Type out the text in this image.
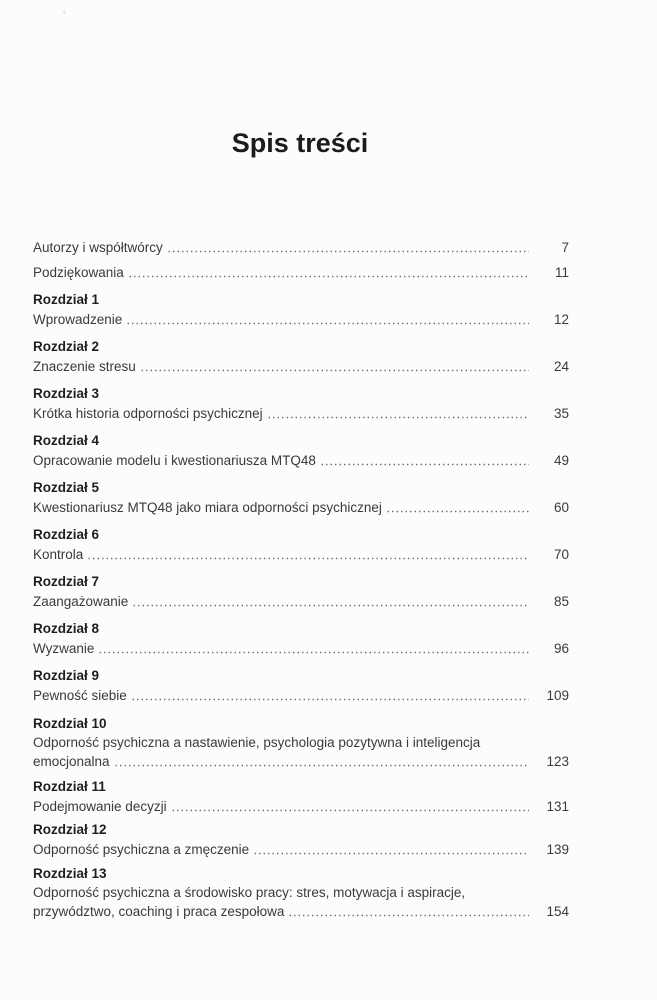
◦
Spis treści
Autorzy i współtwórcy	7
Podziękowania	11
Rozdział 1
Wprowadzenie	12
Rozdział 2
Znaczenie stresu	24
Rozdział 3
Krótka historia odporności psychicznej	35
Rozdział 4
Opracowanie modelu i kwestionariusza MTQ48	49
Rozdział 5
Kwestionariusz MTQ48 jako miara odporności psychicznej	60
Rozdział 6
Kontrola	70
Rozdział 7
Zaangażowanie	85
Rozdział 8
Wyzwanie	96
Rozdział 9
Pewność siebie	109
Rozdział 10
Odporność psychiczna a nastawienie, psychologia pozytywna i inteligencja
emocjonalna	123
Rozdział 11
Podejmowanie decyzji	131
Rozdział 12
Odporność psychiczna a zmęczenie	139
Rozdział 13
Odporność psychiczna a środowisko pracy: stres, motywacja i aspiracje,
przywództwo, coaching i praca zespołowa	154
